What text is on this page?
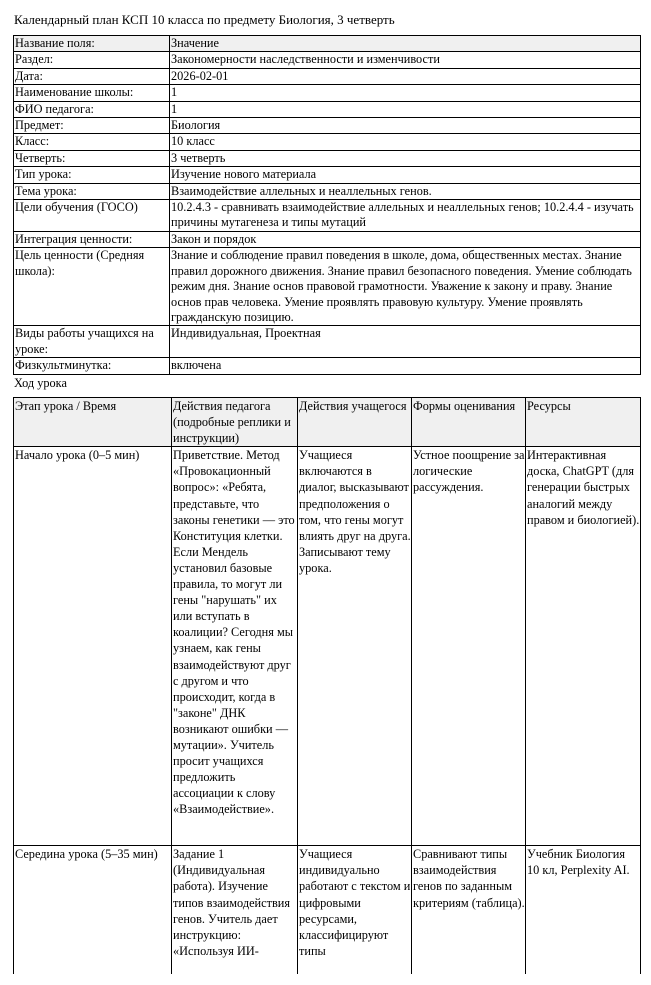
Календарный план КСП 10 класса по предмету Биология, 3 четверть
Название поля:	Значение
Раздел:	Закономерности наследственности и изменчивости
Дата:	2026-02-01
Наименование школы:	1
ФИО педагога:	1
Предмет:	Биология
Класс:	10 класс
Четверть:	3 четверть
Тип урока:	Изучение нового материала
Тема урока:	Взаимодействие аллельных и неаллельных генов.
Цели обучения (ГОСО)	10.2.4.3 - сравнивать взаимодействие аллельных и неаллельных генов; 10.2.4.4 - изучать причины мутагенеза и типы мутаций
Интеграция ценности:	Закон и порядок
Цель ценности (Средняя школа):	Знание и соблюдение правил поведения в школе, дома, общественных местах. Знание правил дорожного движения. Знание правил безопасного поведения. Умение соблюдать режим дня. Знание основ правовой грамотности. Уважение к закону и праву. Знание основ прав человека. Умение проявлять правовую культуру. Умение проявлять гражданскую позицию.
Виды работы учащихся на уроке:	Индивидуальная, Проектная
Физкультминутка:	включена
Ход урока
Этап урока / Время	Действия педагога (подробные реплики и инструкции)	Действия учащегося	Формы оценивания	Ресурсы
Начало урока (0–5 мин)	Приветствие. Метод «Провокационный вопрос»: «Ребята, представьте, что законы генетики — это Конституция клетки. Если Мендель установил базовые правила, то могут ли гены "нарушать" их или вступать в коалиции? Сегодня мы узнаем, как гены взаимодействуют друг с другом и что происходит, когда в "законе" ДНК возникают ошибки — мутации». Учитель просит учащихся предложить ассоциации к слову «Взаимодействие».	Учащиеся включаются в диалог, высказывают предположения о том, что гены могут влиять друг на друга. Записывают тему урока.	Устное поощрение за логические рассуждения.	Интерактивная доска, ChatGPT (для генерации быстрых аналогий между правом и биологией).
Середина урока (5–35 мин)	Задание 1 (Индивидуальная работа). Изучение типов взаимодействия генов. Учитель дает инструкцию: «Используя ИИ-	Учащиеся индивидуально работают с текстом и цифровыми ресурсами, классифицируют типы	Сравнивают типы взаимодействия генов по заданным критериям (таблица).	Учебник Биология 10 кл, Perplexity AI.
